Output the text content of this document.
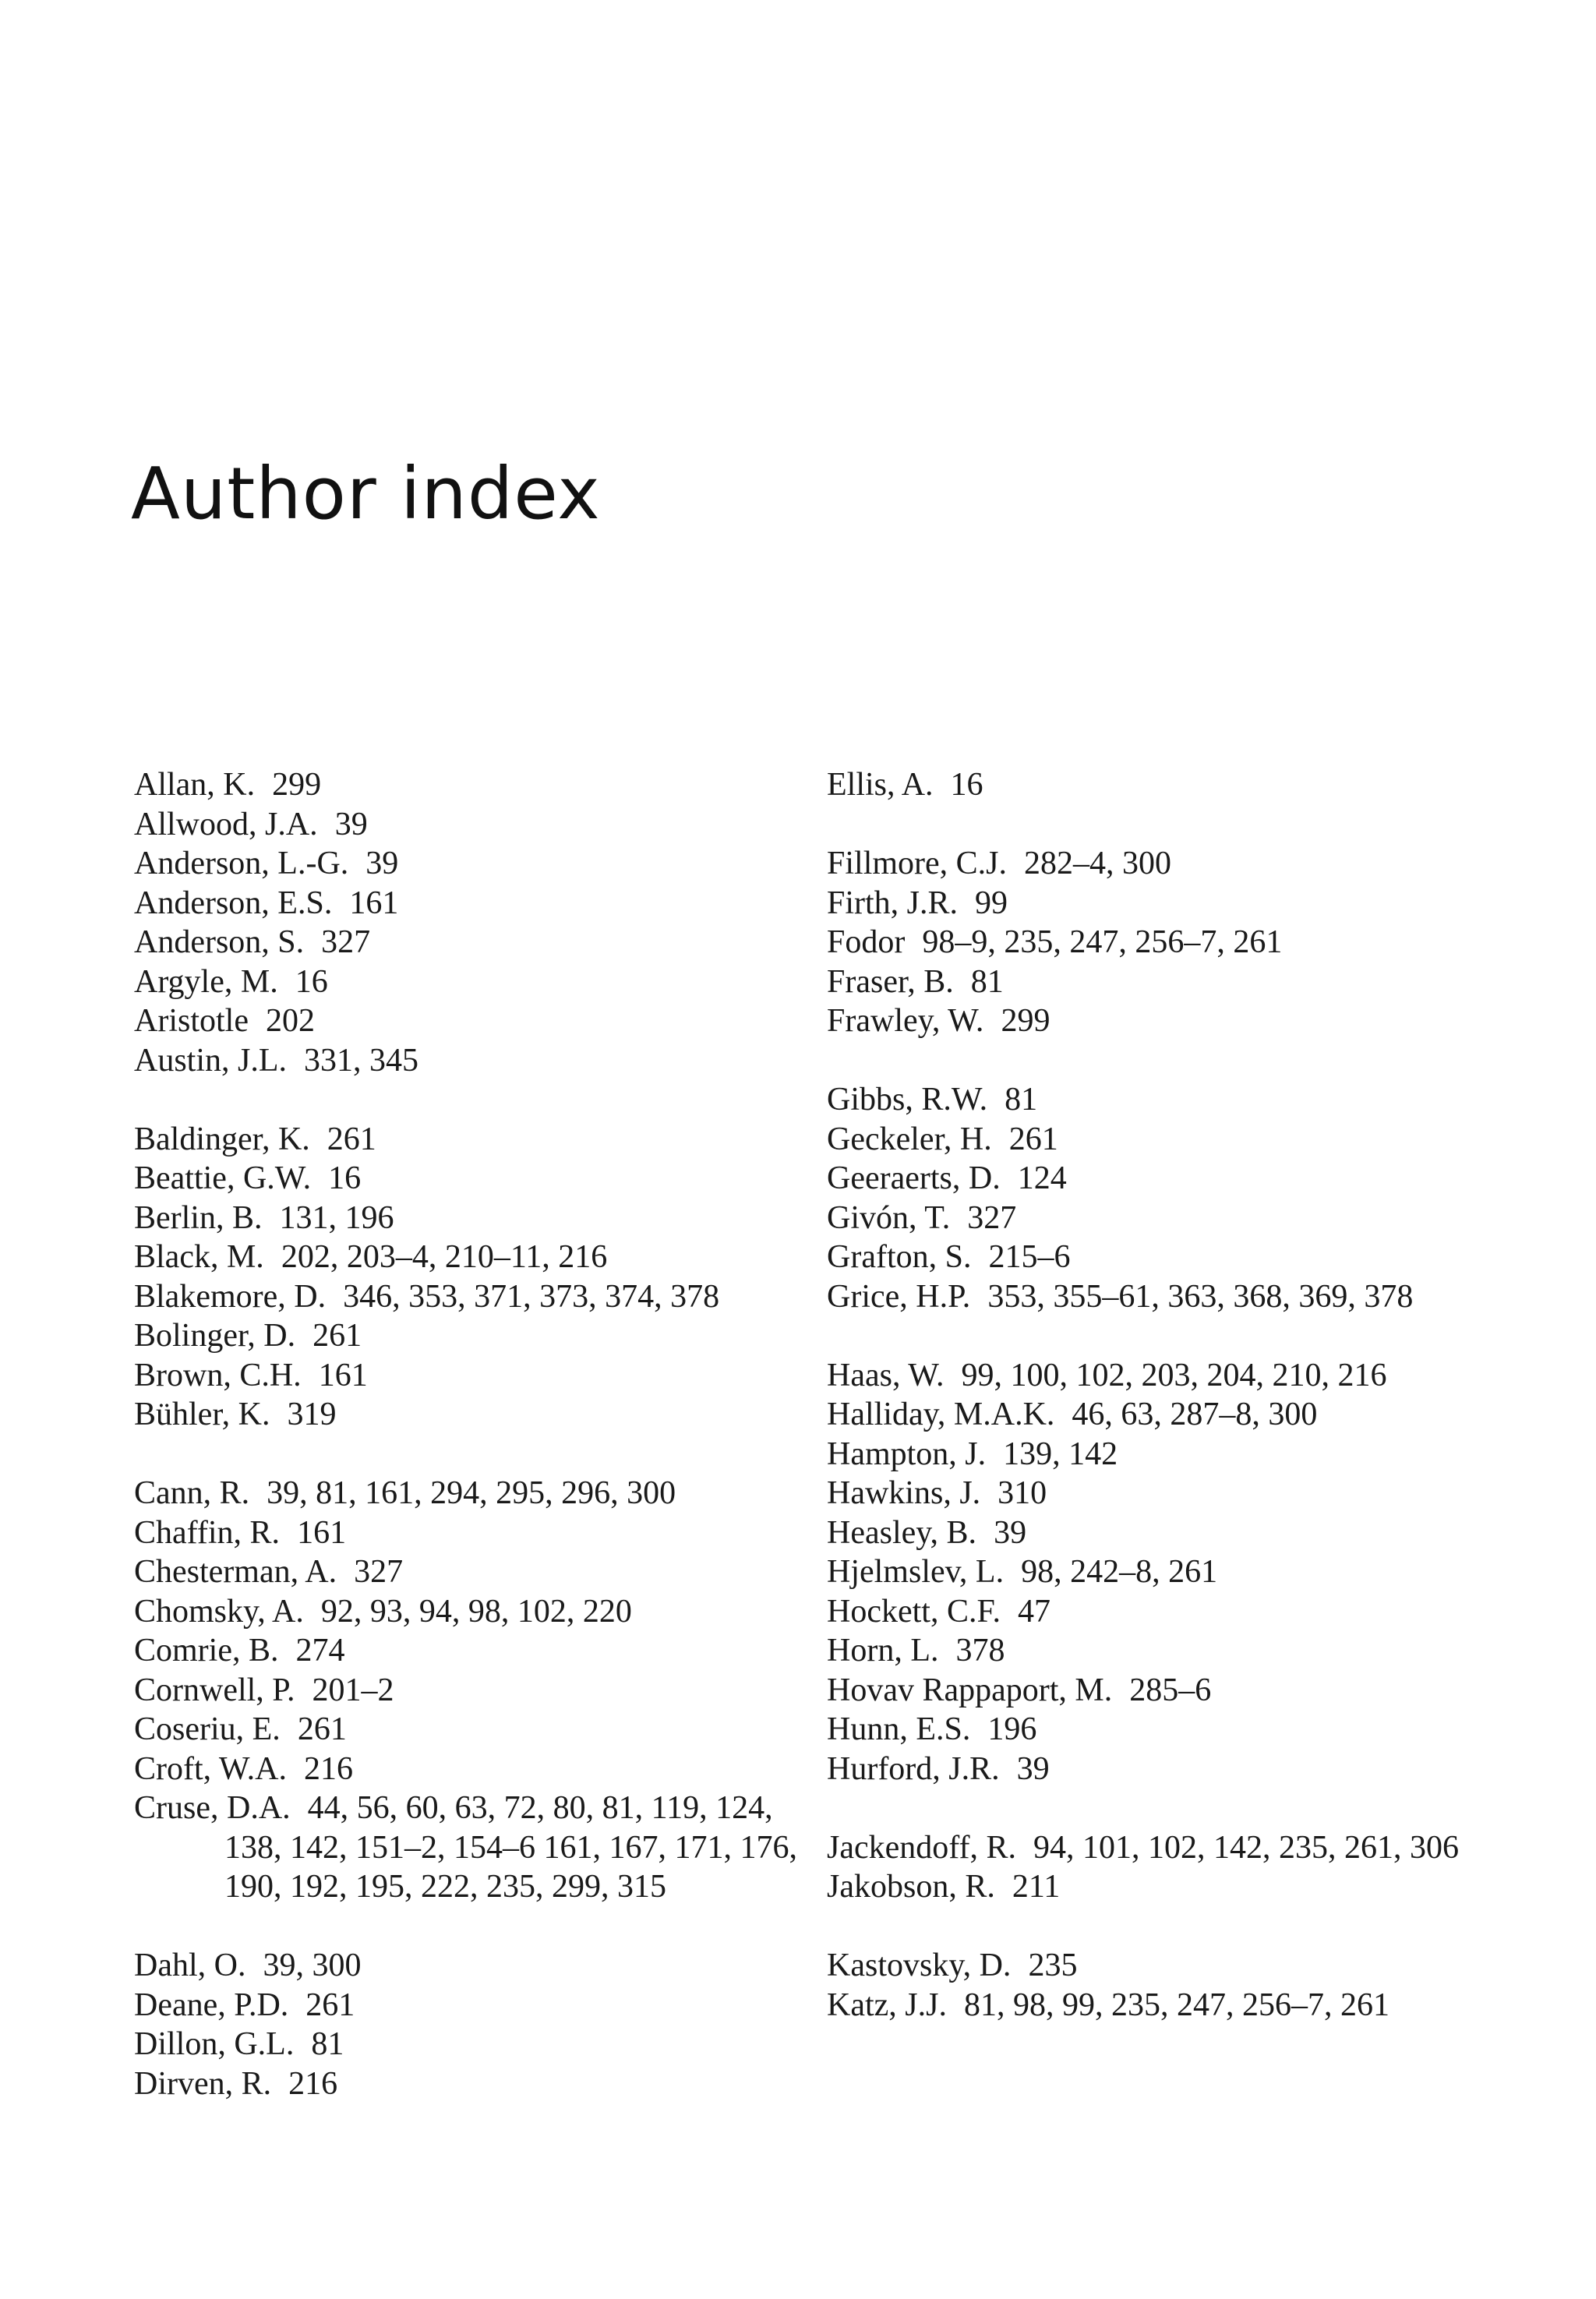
Author index
Allan, K. 299
Allwood, J.A. 39
Anderson, L.-G. 39
Anderson, E.S. 161
Anderson, S. 327
Argyle, M. 16
Aristotle 202
Austin, J.L. 331, 345
Baldinger, K. 261
Beattie, G.W. 16
Berlin, B. 131, 196
Black, M. 202, 203–4, 210–11, 216
Blakemore, D. 346, 353, 371, 373, 374, 378
Bolinger, D. 261
Brown, C.H. 161
Bühler, K. 319
Cann, R. 39, 81, 161, 294, 295, 296, 300
Chaffin, R. 161
Chesterman, A. 327
Chomsky, A. 92, 93, 94, 98, 102, 220
Comrie, B. 274
Cornwell, P. 201–2
Coseriu, E. 261
Croft, W.A. 216
Cruse, D.A. 44, 56, 60, 63, 72, 80, 81, 119, 124, 138, 142, 151–2, 154–6 161, 167, 171, 176, 190, 192, 195, 222, 235, 299, 315
Dahl, O. 39, 300
Deane, P.D. 261
Dillon, G.L. 81
Dirven, R. 216
Ellis, A. 16
Fillmore, C.J. 282–4, 300
Firth, J.R. 99
Fodor 98–9, 235, 247, 256–7, 261
Fraser, B. 81
Frawley, W. 299
Gibbs, R.W. 81
Geckeler, H. 261
Geeraerts, D. 124
Givón, T. 327
Grafton, S. 215–6
Grice, H.P. 353, 355–61, 363, 368, 369, 378
Haas, W. 99, 100, 102, 203, 204, 210, 216
Halliday, M.A.K. 46, 63, 287–8, 300
Hampton, J. 139, 142
Hawkins, J. 310
Heasley, B. 39
Hjelmslev, L. 98, 242–8, 261
Hockett, C.F. 47
Horn, L. 378
Hovav Rappaport, M. 285–6
Hunn, E.S. 196
Hurford, J.R. 39
Jackendoff, R. 94, 101, 102, 142, 235, 261, 306
Jakobson, R. 211
Kastovsky, D. 235
Katz, J.J. 81, 98, 99, 235, 247, 256–7, 261
